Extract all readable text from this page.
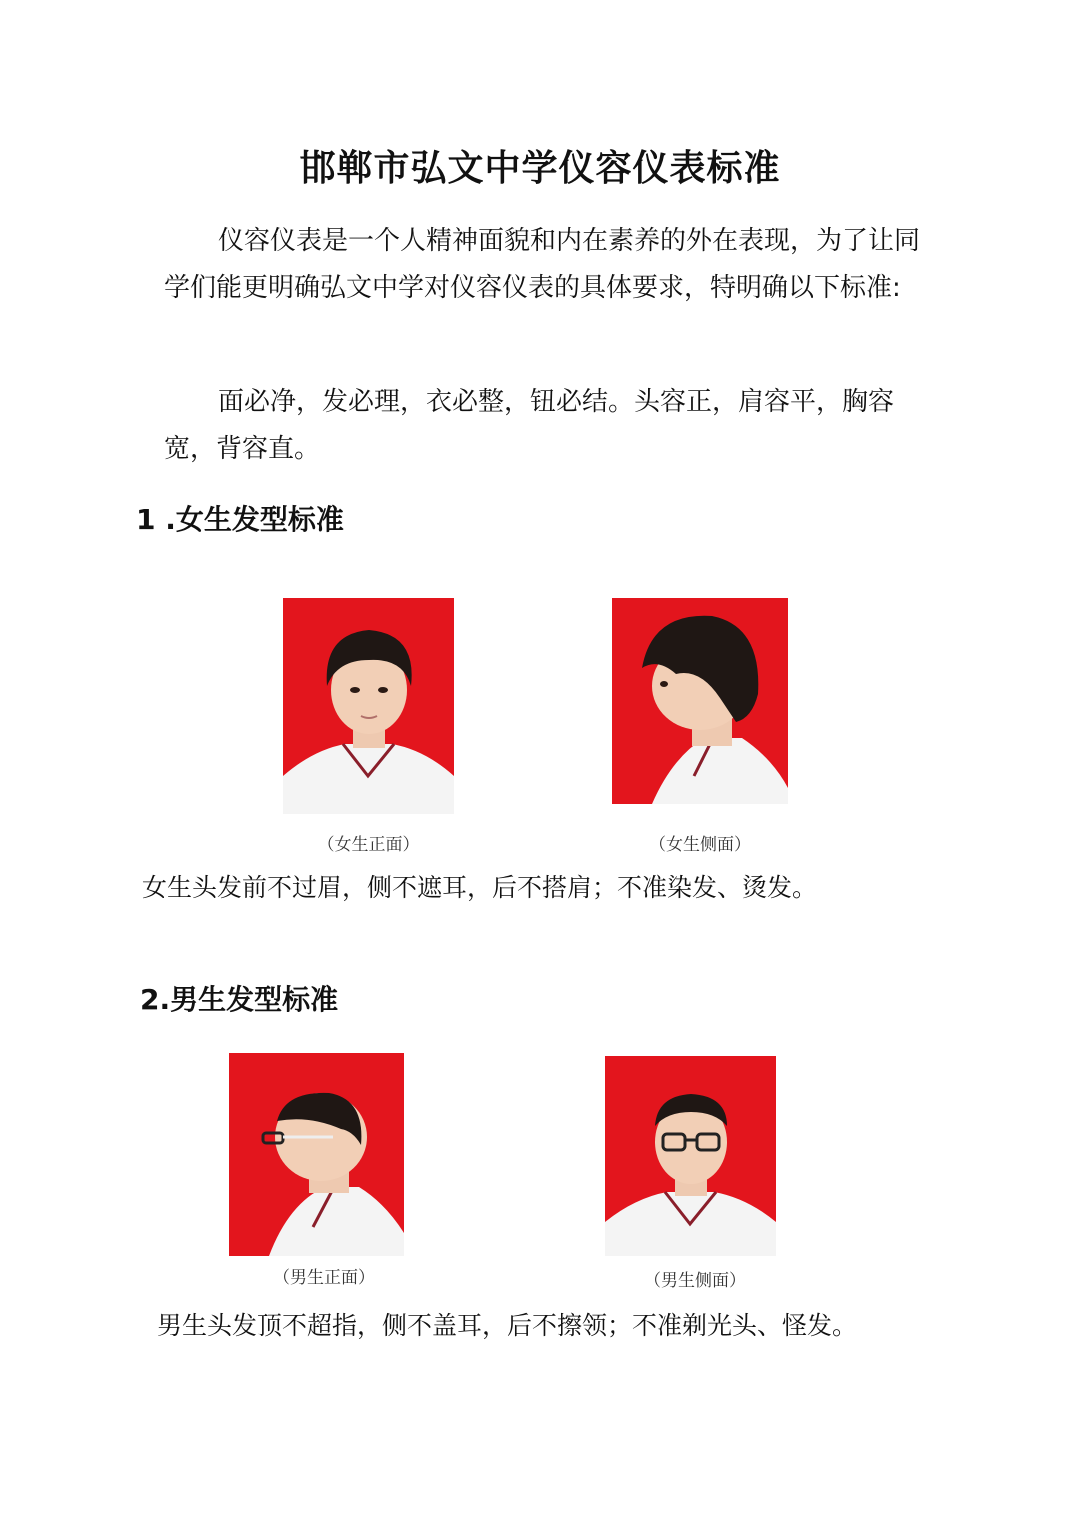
邯郸市弘文中学仪容仪表标准
仪容仪表是一个人精神面貌和内在素养的外在表现，为了让同学们能更明确弘文中学对仪容仪表的具体要求，特明确以下标准:
面必净，发必理，衣必整，钮必结。头容正，肩容平，胸容宽，背容直。
1 .女生发型标准
（女生正面）	（女生侧面）
女生头发前不过眉，侧不遮耳，后不搭肩；不准染发、烫发。
2.男生发型标准
（男生正面）	（男生侧面）
男生头发顶不超指，侧不盖耳，后不擦领；不准剃光头、怪发。
